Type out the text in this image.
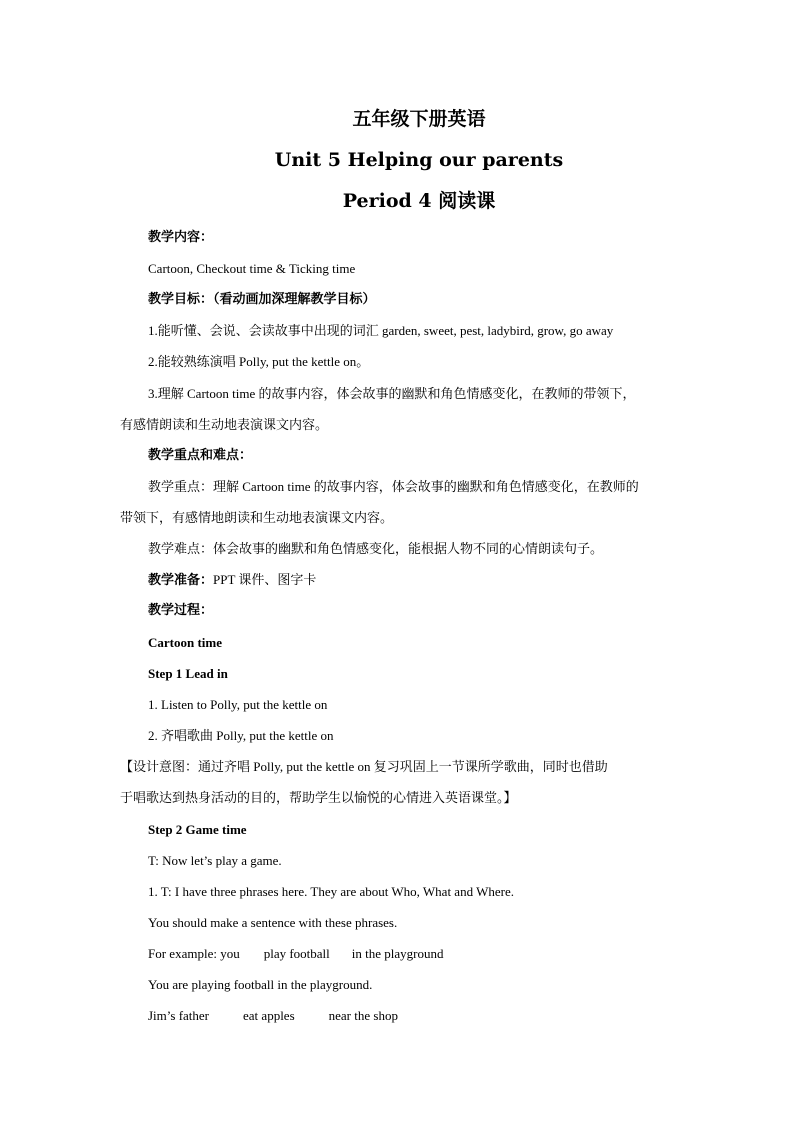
五年级下册英语
Unit 5 Helping our parents
Period 4 阅读课
教学内容：
Cartoon, Checkout time & Ticking time
教学目标：（看动画加深理解教学目标）
1.能听懂、会说、会读故事中出现的词汇 garden, sweet, pest, ladybird, grow, go away
2.能较熟练演唱 Polly, put the kettle on。
3.理解 Cartoon time 的故事内容，体会故事的幽默和角色情感变化，在教师的带领下，
有感情朗读和生动地表演课文内容。
教学重点和难点：
教学重点：理解 Cartoon time 的故事内容，体会故事的幽默和角色情感变化，在教师的
带领下，有感情地朗读和生动地表演课文内容。
教学难点：体会故事的幽默和角色情感变化，能根据人物不同的心情朗读句子。
教学准备：PPT 课件、图字卡
教学过程：
Cartoon time
Step 1 Lead in
1. Listen to Polly, put the kettle on
2. 齐唱歌曲 Polly, put the kettle on
【设计意图：通过齐唱 Polly, put the kettle on 复习巩固上一节课所学歌曲，同时也借助
于唱歌达到热身活动的目的，帮助学生以愉悦的心情进入英语课堂。】
Step 2 Game time
T: Now let’s play a game.
1. T: I have three phrases here. They are about Who, What and Where.
You should make a sentence with these phrases.
For example: you play football in the playground
You are playing football in the playground.
Jim’s father	eat apples	near the shop
